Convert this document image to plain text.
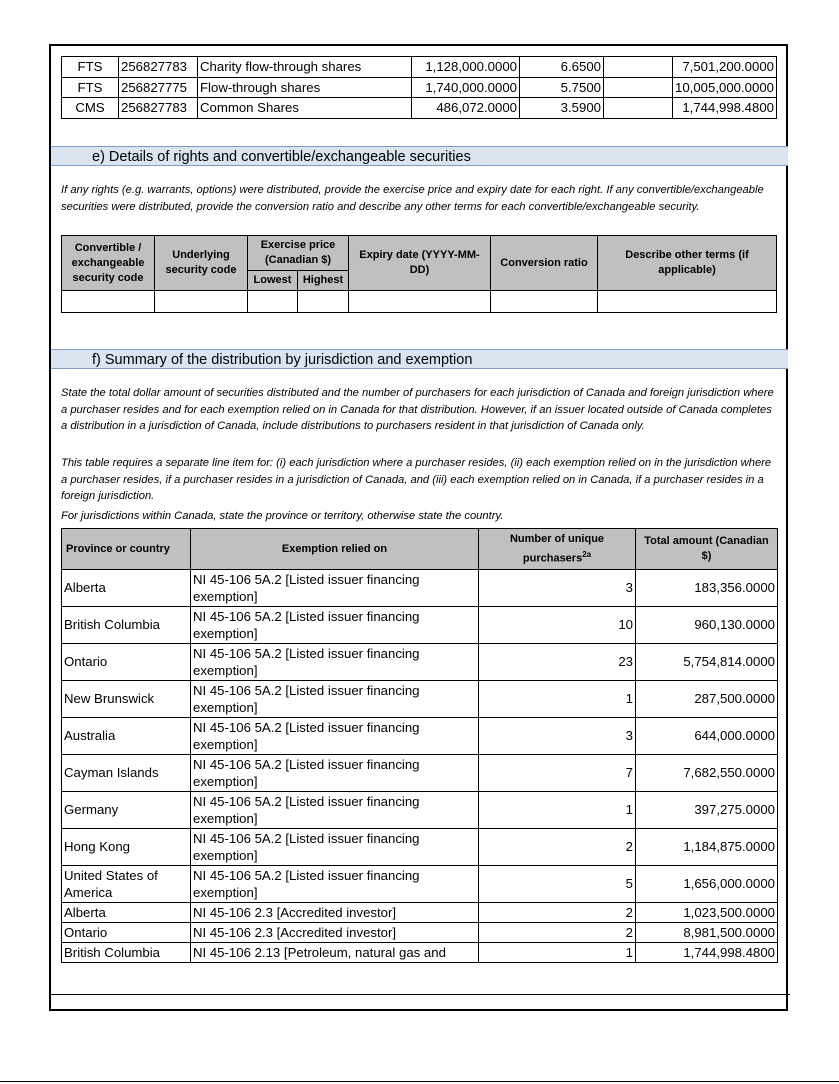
FTS	256827783	Charity flow-through shares	1,128,000.0000	6.6500		7,501,200.0000
FTS	256827775	Flow-through shares	1,740,000.0000	5.7500		10,005,000.0000
CMS	256827783	Common Shares	486,072.0000	3.5900		1,744,998.4800
e) Details of rights and convertible/exchangeable securities

If any rights (e.g. warrants, options) were distributed, provide the exercise price and expiry date for each right. If any convertible/exchangeable securities were distributed, provide the conversion ratio and describe any other terms for each convertible/exchangeable security.

Convertible / exchangeable security code	Underlying security code	Exercise price (Canadian $)		Expiry date (YYYY-MM-DD)	Conversion ratio	Describe other terms (if applicable)
		Lowest	Highest			

f) Summary of the distribution by jurisdiction and exemption

State the total dollar amount of securities distributed and the number of purchasers for each jurisdiction of Canada and foreign jurisdiction where a purchaser resides and for each exemption relied on in Canada for that distribution. However, if an issuer located outside of Canada completes a distribution in a jurisdiction of Canada, include distributions to purchasers resident in that jurisdiction of Canada only.

This table requires a separate line item for: (i) each jurisdiction where a purchaser resides, (ii) each exemption relied on in the jurisdiction where a purchaser resides, if a purchaser resides in a jurisdiction of Canada, and (iii) each exemption relied on in Canada, if a purchaser resides in a foreign jurisdiction.

For jurisdictions within Canada, state the province or territory, otherwise state the country.

Province or country	Exemption relied on	Number of unique purchasers$^{2a}$	Total amount (Canadian $)
Alberta	NI 45-106 5A.2 [Listed issuer financing exemption]	3	183,356.0000
British Columbia	NI 45-106 5A.2 [Listed issuer financing exemption]	10	960,130.0000
Ontario	NI 45-106 5A.2 [Listed issuer financing exemption]	23	5,754,814.0000
New Brunswick	NI 45-106 5A.2 [Listed issuer financing exemption]	1	287,500.0000
Australia	NI 45-106 5A.2 [Listed issuer financing exemption]	3	644,000.0000
Cayman Islands	NI 45-106 5A.2 [Listed issuer financing exemption]	7	7,682,550.0000
Germany	NI 45-106 5A.2 [Listed issuer financing exemption]	1	397,275.0000
Hong Kong	NI 45-106 5A.2 [Listed issuer financing exemption]	2	1,184,875.0000
United States of America	NI 45-106 5A.2 [Listed issuer financing exemption]	5	1,656,000.0000
Alberta	NI 45-106 2.3 [Accredited investor]	2	1,023,500.0000
Ontario	NI 45-106 2.3 [Accredited investor]	2	8,981,500.0000
British Columbia	NI 45-106 2.13 [Petroleum, natural gas and	1	1,744,998.4800
